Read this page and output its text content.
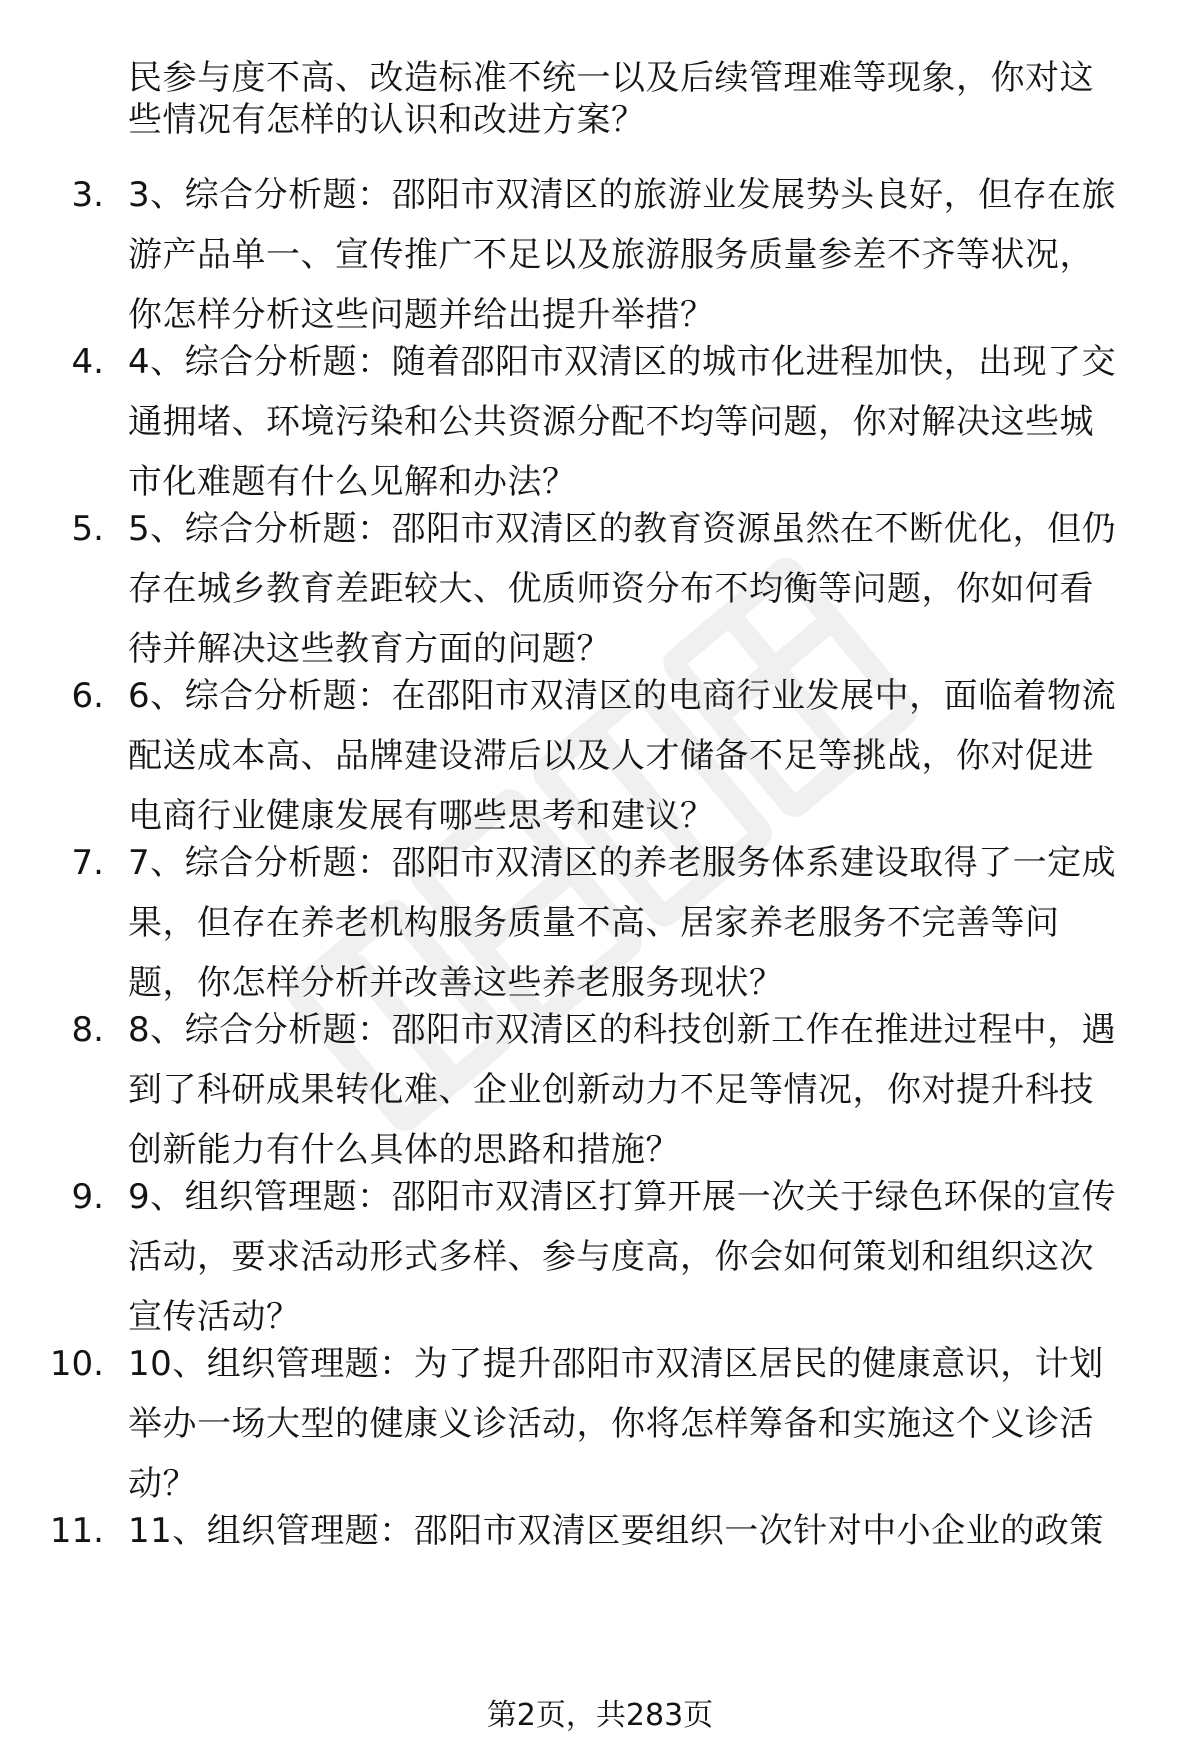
民参与度不高、改造标准不统一以及后续管理难等现象，你对这
些情况有怎样的认识和改进方案？
3. 3、综合分析题：邵阳市双清区的旅游业发展势头良好，但存在旅
游产品单一、宣传推广不足以及旅游服务质量参差不齐等状况，
你怎样分析这些问题并给出提升举措？
4. 4、综合分析题：随着邵阳市双清区的城市化进程加快，出现了交
通拥堵、环境污染和公共资源分配不均等问题，你对解决这些城
市化难题有什么见解和办法？
5. 5、综合分析题：邵阳市双清区的教育资源虽然在不断优化，但仍
存在城乡教育差距较大、优质师资分布不均衡等问题，你如何看
待并解决这些教育方面的问题？
6. 6、综合分析题：在邵阳市双清区的电商行业发展中，面临着物流
配送成本高、品牌建设滞后以及人才储备不足等挑战，你对促进
电商行业健康发展有哪些思考和建议？
7. 7、综合分析题：邵阳市双清区的养老服务体系建设取得了一定成
果，但存在养老机构服务质量不高、居家养老服务不完善等问
题，你怎样分析并改善这些养老服务现状？
8. 8、综合分析题：邵阳市双清区的科技创新工作在推进过程中，遇
到了科研成果转化难、企业创新动力不足等情况，你对提升科技
创新能力有什么具体的思路和措施？
9. 9、组织管理题：邵阳市双清区打算开展一次关于绿色环保的宣传
活动，要求活动形式多样、参与度高，你会如何策划和组织这次
宣传活动？
10. 10、组织管理题：为了提升邵阳市双清区居民的健康意识，计划
举办一场大型的健康义诊活动，你将怎样筹备和实施这个义诊活
动？
11. 11、组织管理题：邵阳市双清区要组织一次针对中小企业的政策
第2页，共283页
